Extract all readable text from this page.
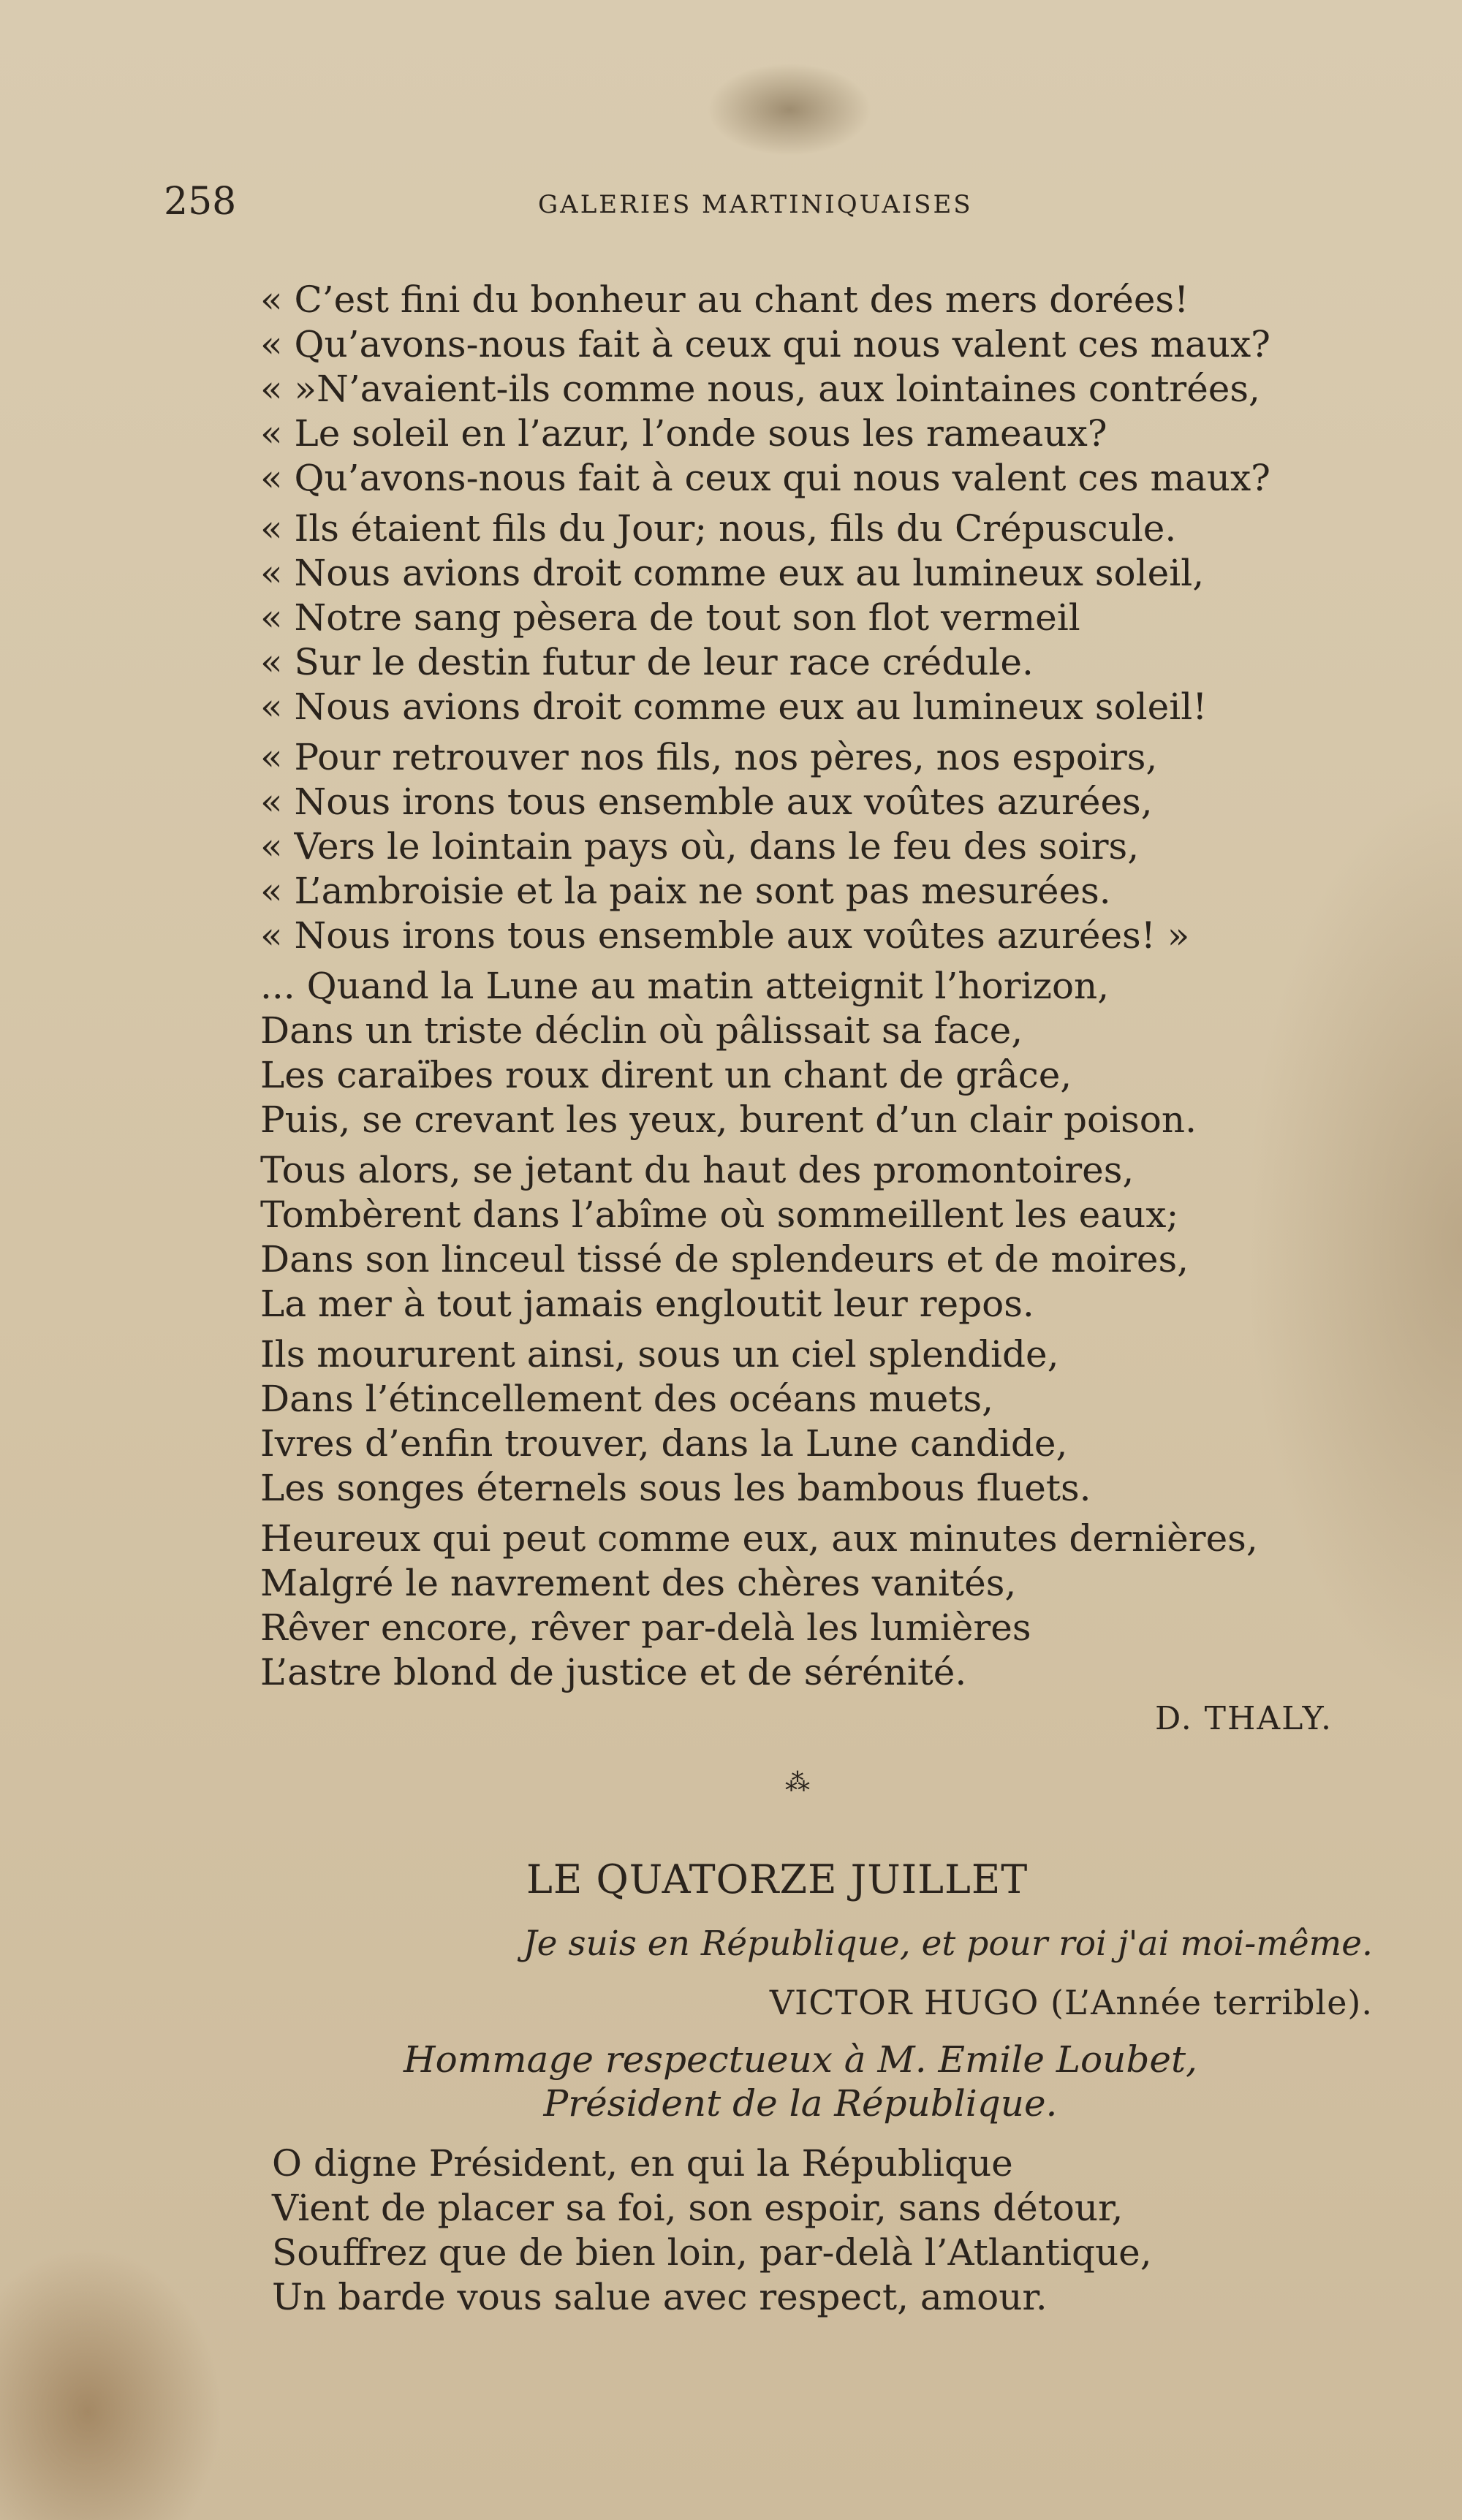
258	GALERIES MARTINIQUAISES
« C’est fini du bonheur au chant des mers dorées!
« Qu’avons-nous fait à ceux qui nous valent ces maux?
« »N’avaient-ils comme nous, aux lointaines contrées,
« Le soleil en l’azur, l’onde sous les rameaux?
« Qu’avons-nous fait à ceux qui nous valent ces maux?
« Ils étaient fils du Jour; nous, fils du Crépuscule.
« Nous avions droit comme eux au lumineux soleil,
« Notre sang pèsera de tout son flot vermeil
« Sur le destin futur de leur race crédule.
« Nous avions droit comme eux au lumineux soleil!
« Pour retrouver nos fils, nos pères, nos espoirs,
« Nous irons tous ensemble aux voûtes azurées,
« Vers le lointain pays où, dans le feu des soirs,
« L’ambroisie et la paix ne sont pas mesurées.
« Nous irons tous ensemble aux voûtes azurées! »
... Quand la Lune au matin atteignit l’horizon,
Dans un triste déclin où pâlissait sa face,
Les caraïbes roux dirent un chant de grâce,
Puis, se crevant les yeux, burent d’un clair poison.
Tous alors, se jetant du haut des promontoires,
Tombèrent dans l’abîme où sommeillent les eaux;
Dans son linceul tissé de splendeurs et de moires,
La mer à tout jamais engloutit leur repos.
Ils moururent ainsi, sous un ciel splendide,
Dans l’étincellement des océans muets,
Ivres d’enfin trouver, dans la Lune candide,
Les songes éternels sous les bambous fluets.
Heureux qui peut comme eux, aux minutes dernières,
Malgré le navrement des chères vanités,
Rêver encore, rêver par-delà les lumières
L’astre blond de justice et de sérénité.
D. THALY.
⁂
LE QUATORZE JUILLET
Je suis en République, et pour roi j'ai moi-même.
VICTOR HUGO (L’Année terrible).
Hommage respectueux à M. Emile Loubet,
Président de la République.
O digne Président, en qui la République
Vient de placer sa foi, son espoir, sans détour,
Souffrez que de bien loin, par-delà l’Atlantique,
Un barde vous salue avec respect, amour.
